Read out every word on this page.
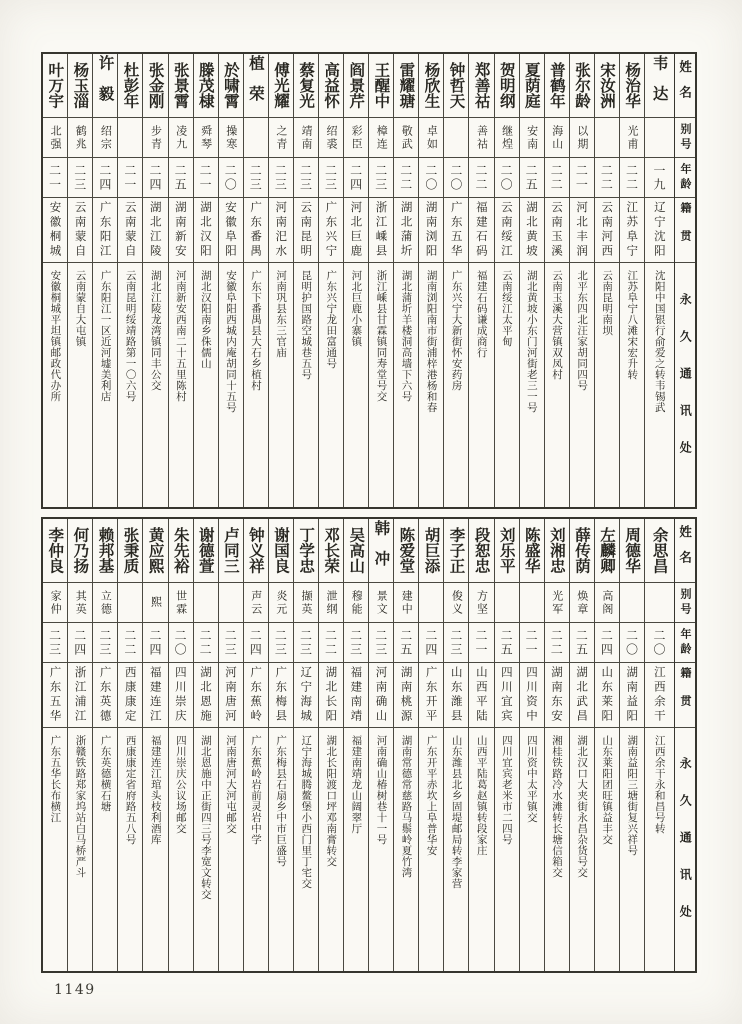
姓名
别号
年龄
籍贯
永久通讯处
韦达
一九
辽宁沈阳
沈阳中国银行俞爱之转韦锡武
杨治华
光甫
二二
江苏阜宁
江苏阜宁八滩宋宏升转
宋汝洲
二二
云南河西
云南昆明南坝
张尔龄
以期
二一
河北丰润
北平东四北汪家胡同四号
普鹤年
海山
二二
云南玉溪
云南玉溪大营镇双凤村
夏荫庭
安南
二五
湖北黄坡
湖北黄坡小东门河街老三一号
贺明纲
继煌
二〇
云南绥江
云南绥江太平甸
郑善祜
善祜
二二
福建石码
福建石码谦成商行
钟哲天
二〇
广东五华
广东兴宁大新街怀安药房
杨欣生
卓如
二〇
湖南浏阳
湖南浏阳南市街浦梓港杨和春
雷耀瑭
敬武
二二
湖北蒲圻
湖北蒲圻羊楼洞高墙下六号
王醒中
樟连
二三
浙江嵊县
浙江嵊县甘霖镇同寿堂号交
阎景芹
彩臣
二四
河北巨鹿
河北巨鹿小寨镇
高益怀
绍裘
二三
广东兴宁
广东兴宁龙田富通号
蔡复光
靖南
二三
云南昆明
昆明护国路空城巷五号
傅光耀
之青
二三
河南汜水
河南巩县东三官庙
植荣
二三
广东番禺
广东下番禺县大石乡植村
於啸霄
操寒
二〇
安徽阜阳
安徽阜阳西城内庵胡同十五号
滕茂棣
舜琴
二一
湖北汉阳
湖北汉阳南乡侏儒山
张景霄
凌九
二五
湖南新安
河南新安西南二十五里陈村
张金刚
步青
二四
湖北江陵
湖北江陵龙湾镇同丰公交
杜彭年
二一
云南蒙自
云南昆明绥靖路第一〇六号
许毅
绍宗
二四
广东阳江
广东阳江一区近河墟美利店
杨玉淄
鹤兆
二三
云南蒙自
云南蒙自大屯镇
叶万宇
北强
二一
安徽桐城
安徽桐城平坦镇邮政代办所
姓名
别号
年龄
籍贯
永久通讯处
余思昌
二〇
江西余干
江西余干永和昌号转
周德华
二〇
湖南益阳
湖南益阳三塘街复兴祥号
左麟卿
高阁
二四
山东莱阳
山东莱阳团旺镇益丰交
薛传荫
焕章
二五
湖北武昌
湖北汉口大夹街永昌杂货号交
刘湘忠
光军
二二
湖南东安
湘桂铁路冷水滩转长塘信箱交
陈盛华
二一
四川资中
四川资中太平镇交
刘乐平
二五
四川宜宾
四川宜宾老米市二四号
段恕忠
方坚
二一
山西平陆
山西平陆葛赵镇转段家庄
李子正
俊义
二三
山东潍县
山东潍县北乡固堤邮局转李家营
胡巨添
二四
广东开平
广东开平赤坎上阜普华安
陈爱堂
建中
二五
湖南桃源
湖南常德常慈路马鬃岭夏竹湾
韩冲
景文
二三
河南确山
河南确山椿树巷十一号
吴高山
穆能
二三
福建南靖
福建南靖龙山阔翠厅
邓长荣
泄纲
二二
湖北长阳
湖北长阳渡口坪邓南膏转交
丁学忠
撷英
二三
辽宁海城
辽宁海城腾鳌堡小西门里丁宅交
谢国良
炎元
二三
广东梅县
广东梅县石扇乡中市巨盛号
钟义祥
声云
二四
广东蕉岭
广东蕉岭岩前灵岩中学
卢同三
二三
河南唐河
河南唐河大河屯邮交
谢德萱
二二
湖北恩施
湖北恩施中正街四三号李宽文转交
朱先裕
世霖
二〇
四川崇庆
四川崇庆公议场邮交
黄应熙
熙
二四
福建连江
福建连江琯头枝利酒库
张秉质
二二
西康康定
西康康定省府路五八号
赖邦基
立德
二三
广东英德
广东英德横石塘
何乃扬
其英
二四
浙江浦江
浙赣铁路郑家坞站白马桥严斗
李仲良
家仲
二三
广东五华
广东五华长布横江
1149
